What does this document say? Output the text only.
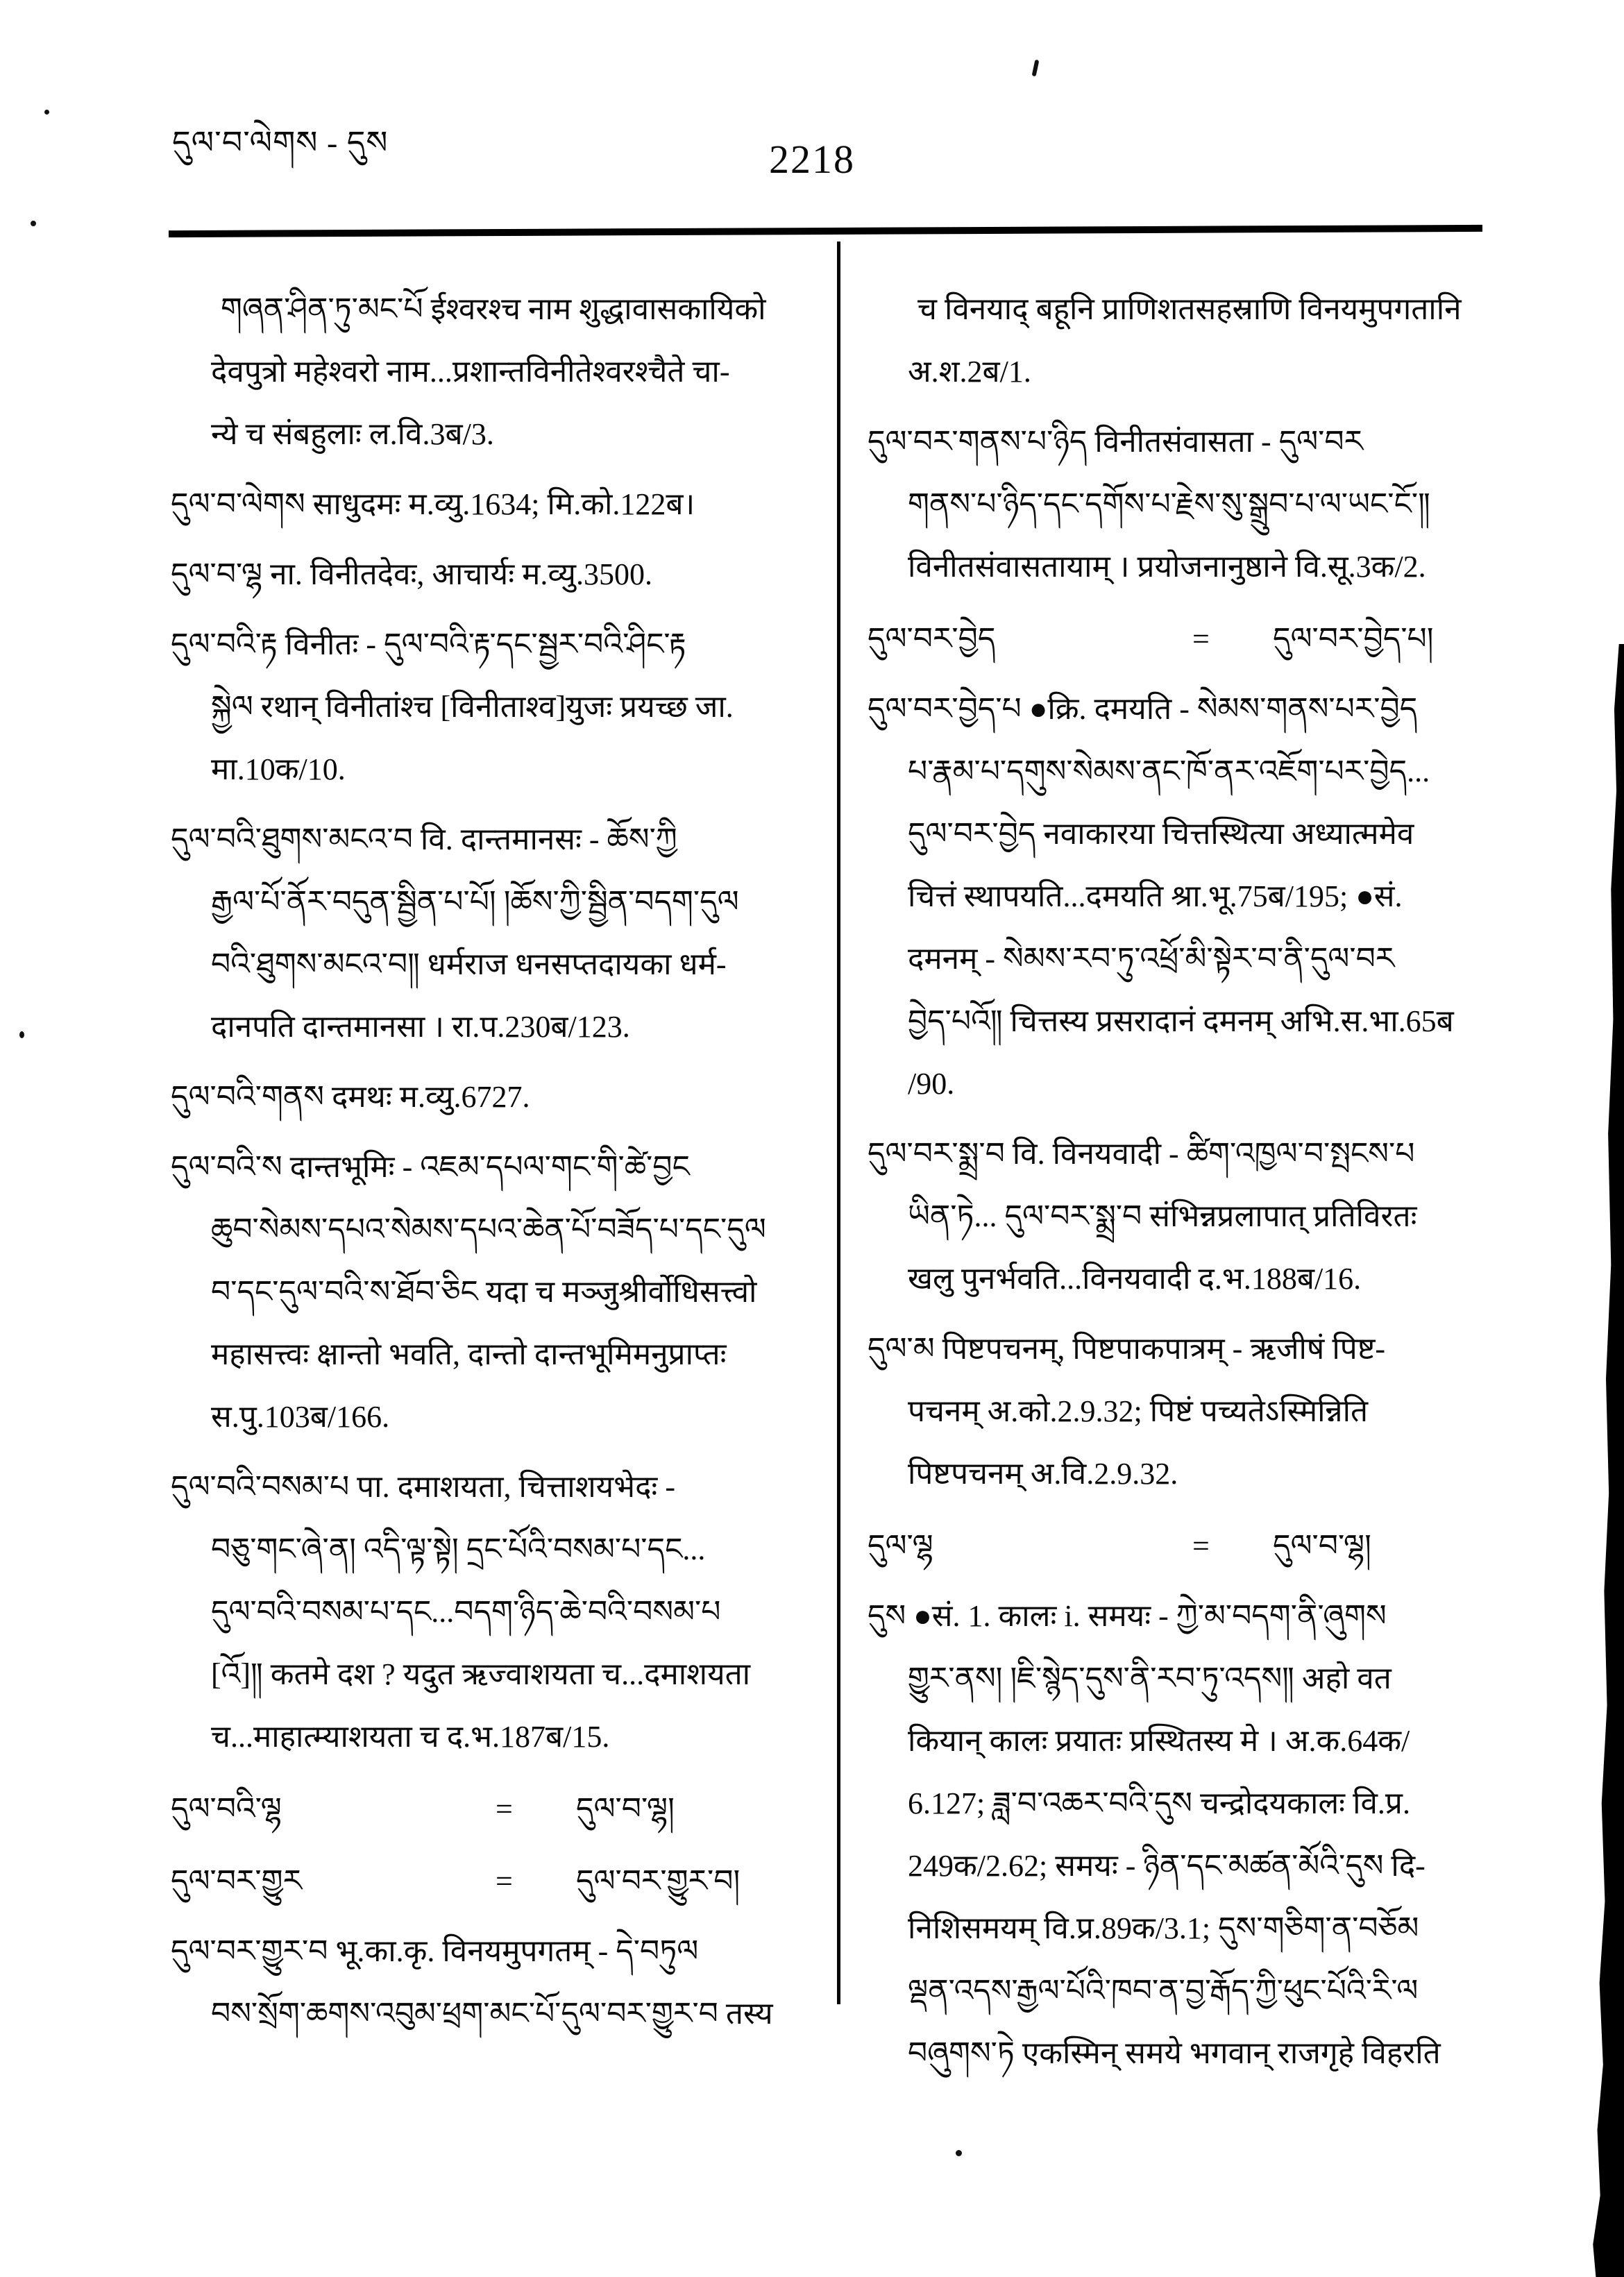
དུལ་བ་ལེགས - དུས	2218
གཞན་ཤིན་ཏུ་མང་པོ ईश्वरश्च नाम शुद्धावासकायिको
देवपुत्रो महेश्वरो नाम...प्रशान्तविनीतेश्वरश्चैते चा-
न्ये च संबहुलाः ल.वि.3ब/3.
དུལ་བ་ལེགས साधुदमः म.व्यु.1634; मि.को.122ब।
དུལ་བ་ལྷ ना. विनीतदेवः, आचार्यः म.व्यु.3500.
དུལ་བའི་རྟ विनीतः - དུལ་བའི་རྟ་དང་སྦྱར་བའི་ཤིང་རྟ
སྐྱེལ रथान् विनीतांश्च [विनीताश्व]युजः प्रयच्छ जा.
मा.10क/10.
དུལ་བའི་ཐུགས་མངའ་བ वि. दान्तमानसः - ཆོས་ཀྱི
རྒྱལ་པོ་ནོར་བདུན་སྦྱིན་པ་པོ། །ཆོས་ཀྱི་སྦྱིན་བདག་དུལ
བའི་ཐུགས་མངའ་བ༎ धर्मराज धनसप्तदायका धर्म-
दानपति दान्तमानसा । रा.प.230ब/123.
དུལ་བའི་གནས दमथः म.व्यु.6727.
དུལ་བའི་ས दान्तभूमिः - འཇམ་དཔལ་གང་གི་ཚེ་བྱང
ཆུབ་སེམས་དཔའ་སེམས་དཔའ་ཆེན་པོ་བཟོད་པ་དང་དུལ
བ་དང་དུལ་བའི་ས་ཐོབ་ཅིང यदा च मञ्जुश्रीर्वोधिसत्त्वो
महासत्त्वः क्षान्तो भवति, दान्तो दान्तभूमिमनुप्राप्तः
स.पु.103ब/166.
དུལ་བའི་བསམ་པ पा. दमाशयता, चित्ताशयभेदः -
བཅུ་གང་ཞེ་ན། འདི་ལྟ་སྟེ། དྲང་པོའི་བསམ་པ་དང...
དུལ་བའི་བསམ་པ་དང...བདག་ཉིད་ཆེ་བའི་བསམ་པ
[འོ]༎ कतमे दश ? यदुत ऋज्वाशयता च...दमाशयता
च...माहात्म्याशयता च द.भ.187ब/15.
དུལ་བའི་ལྷ	=	དུལ་བ་ལྷ།
དུལ་བར་གྱུར	=	དུལ་བར་གྱུར་བ།
དུལ་བར་གྱུར་བ भू.का.कृ. विनयमुपगतम् - དེ་བཏུལ
བས་སྲོག་ཆགས་འབུམ་ཕྲག་མང་པོ་དུལ་བར་གྱུར་བ तस्य
च विनयाद् बहूनि प्राणिशतसहस्राणि विनयमुपगतानि
अ.श.2ब/1.
དུལ་བར་གནས་པ་ཉིད विनीतसंवासता - དུལ་བར
གནས་པ་ཉིད་དང་དགོས་པ་རྗེས་སུ་སྒྲུབ་པ་ལ་ཡང་ངོ་༎
विनीतसंवासतायाम् । प्रयोजनानुष्ठाने वि.सू.3क/2.
དུལ་བར་བྱེད	=	དུལ་བར་བྱེད་པ།
དུལ་བར་བྱེད་པ ●क्रि. दमयति - སེམས་གནས་པར་བྱེད
པ་རྣམ་པ་དགུས་སེམས་ནང་ཁོ་ནར་འཇོག་པར་བྱེད...
དུལ་བར་བྱེད नवाकारया चित्तस्थित्या अध्यात्ममेव
चित्तं स्थापयति...दमयति श्रा.भू.75ब/195; ●सं.
दमनम् - སེམས་རབ་ཏུ་འཕྲོ་མི་སྟེར་བ་ནི་དུལ་བར
བྱེད་པའོ༎ चित्तस्य प्रसरादानं दमनम् अभि.स.भा.65ब
/90.
དུལ་བར་སྨྲ་བ वि. विनयवादी - ཚིག་འཁྱལ་བ་སྤངས་པ
ཡིན་ཏེ... དུལ་བར་སྨྲ་བ संभिन्नप्रलापात् प्रतिविरतः
खलु पुनर्भवति...विनयवादी द.भ.188ब/16.
དུལ་མ पिष्टपचनम्, पिष्टपाकपात्रम् - ऋजीषं पिष्ट-
पचनम् अ.को.2.9.32; पिष्टं पच्यतेऽस्मिन्निति
पिष्टपचनम् अ.वि.2.9.32.
དུལ་ལྷ	=	དུལ་བ་ལྷ།
དུས ●सं. 1. कालः i. समयः - ཀྱེ་མ་བདག་ནི་ཞུགས
གྱུར་ནས། །ཇི་སྙེད་དུས་ནི་རབ་ཏུ་འདས༎ अहो वत
कियान् कालः प्रयातः प्रस्थितस्य मे । अ.क.64क/
6.127; ཟླ་བ་འཆར་བའི་དུས चन्द्रोदयकालः वि.प्र.
249क/2.62; समयः - ཉིན་དང་མཚན་མོའི་དུས दि-
निशिसमयम् वि.प्र.89क/3.1; དུས་གཅིག་ན་བཅོམ
ལྡན་འདས་རྒྱལ་པོའི་ཁབ་ན་བྱ་རྒོད་ཀྱི་ཕུང་པོའི་རི་ལ
བཞུགས་ཏེ एकस्मिन् समये भगवान् राजगृहे विहरति
